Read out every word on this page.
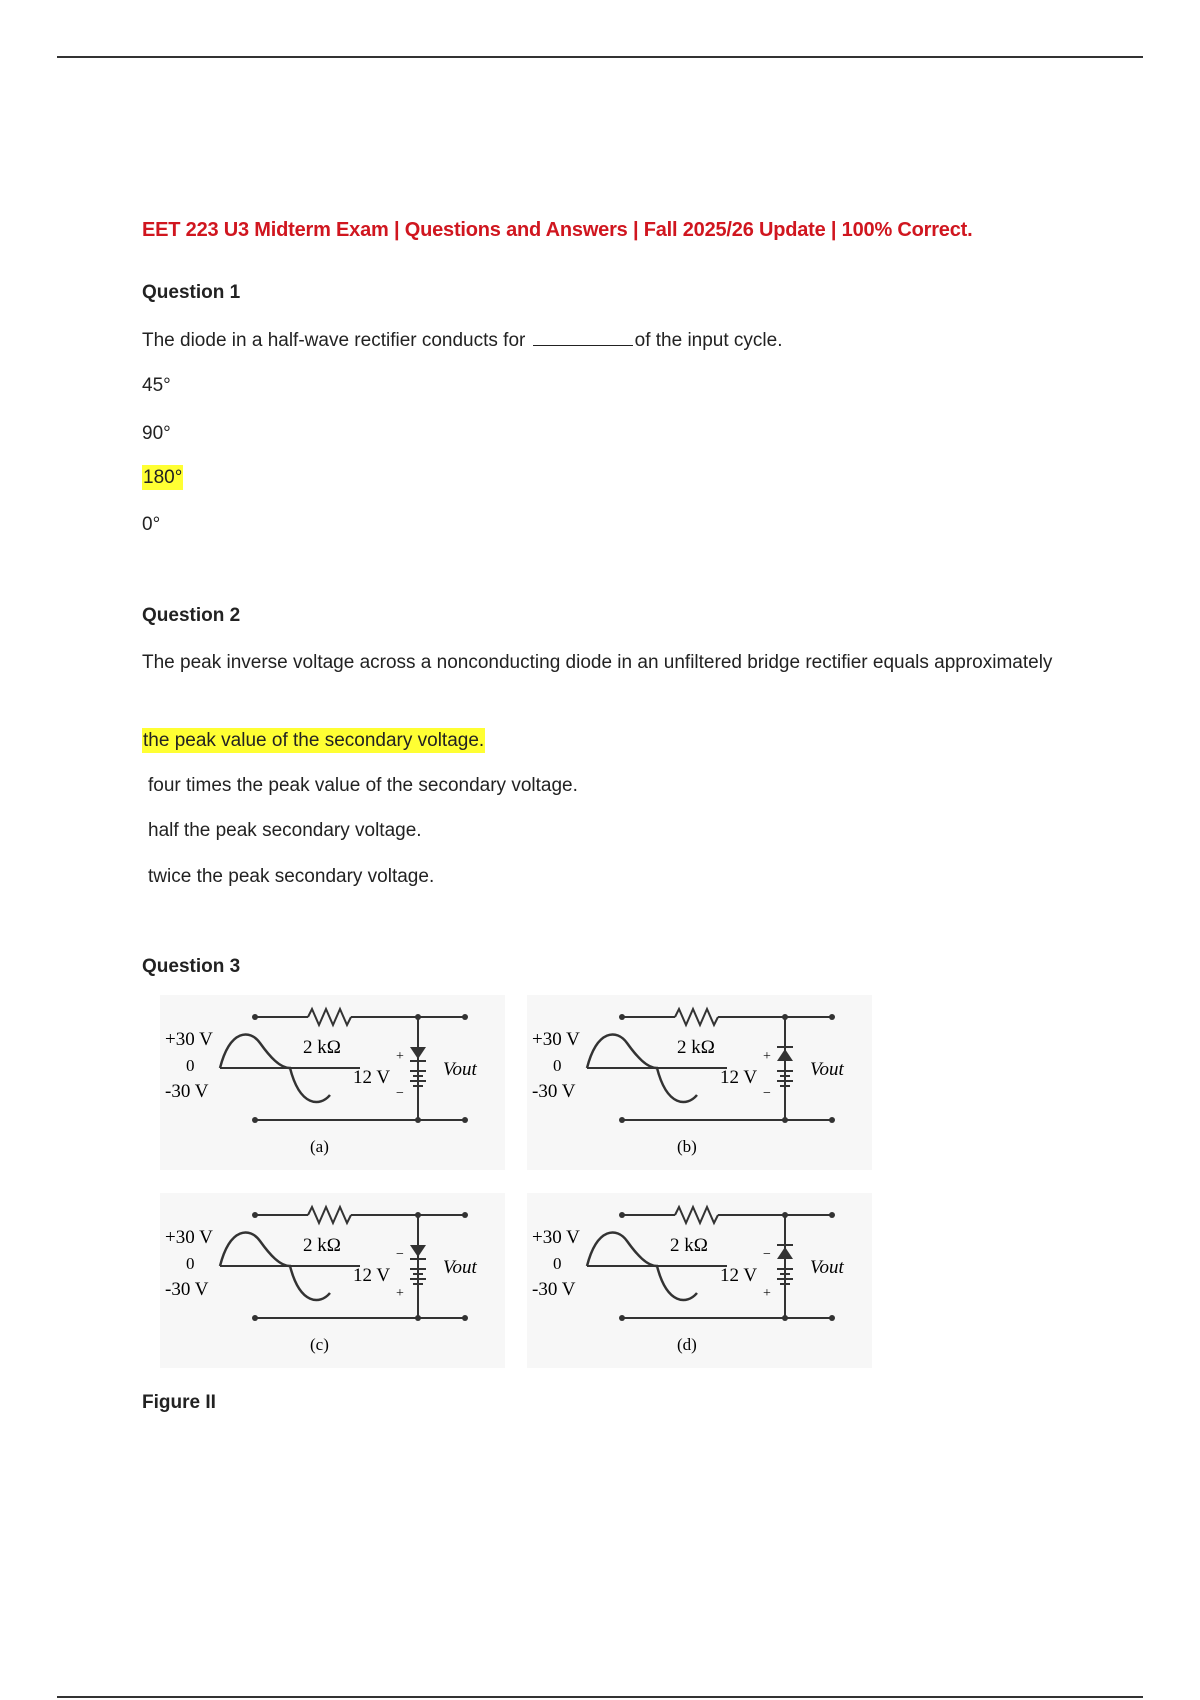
EET 223 U3 Midterm Exam | Questions and Answers | Fall 2025/26 Update | 100% Correct.

Question 1

The diode in a half-wave rectifier conducts for	of the input cycle.

45°

90°

180°

0°

Question 2

The peak inverse voltage across a nonconducting diode in an unfiltered bridge rectifier equals approximately

the peak value of the secondary voltage.

four times the peak value of the secondary voltage.

half the peak secondary voltage.

twice the peak secondary voltage.

Question 3

+30 V
0
-30 V
2 kΩ
12 V
+
−
Vout
(a)
+30 V
0
-30 V
2 kΩ
12 V
+
−
Vout
(b)
+30 V
0
-30 V
2 kΩ
12 V
−
+
Vout
(c)
+30 V
0
-30 V
2 kΩ
12 V
−
+
Vout
(d)

Figure II
